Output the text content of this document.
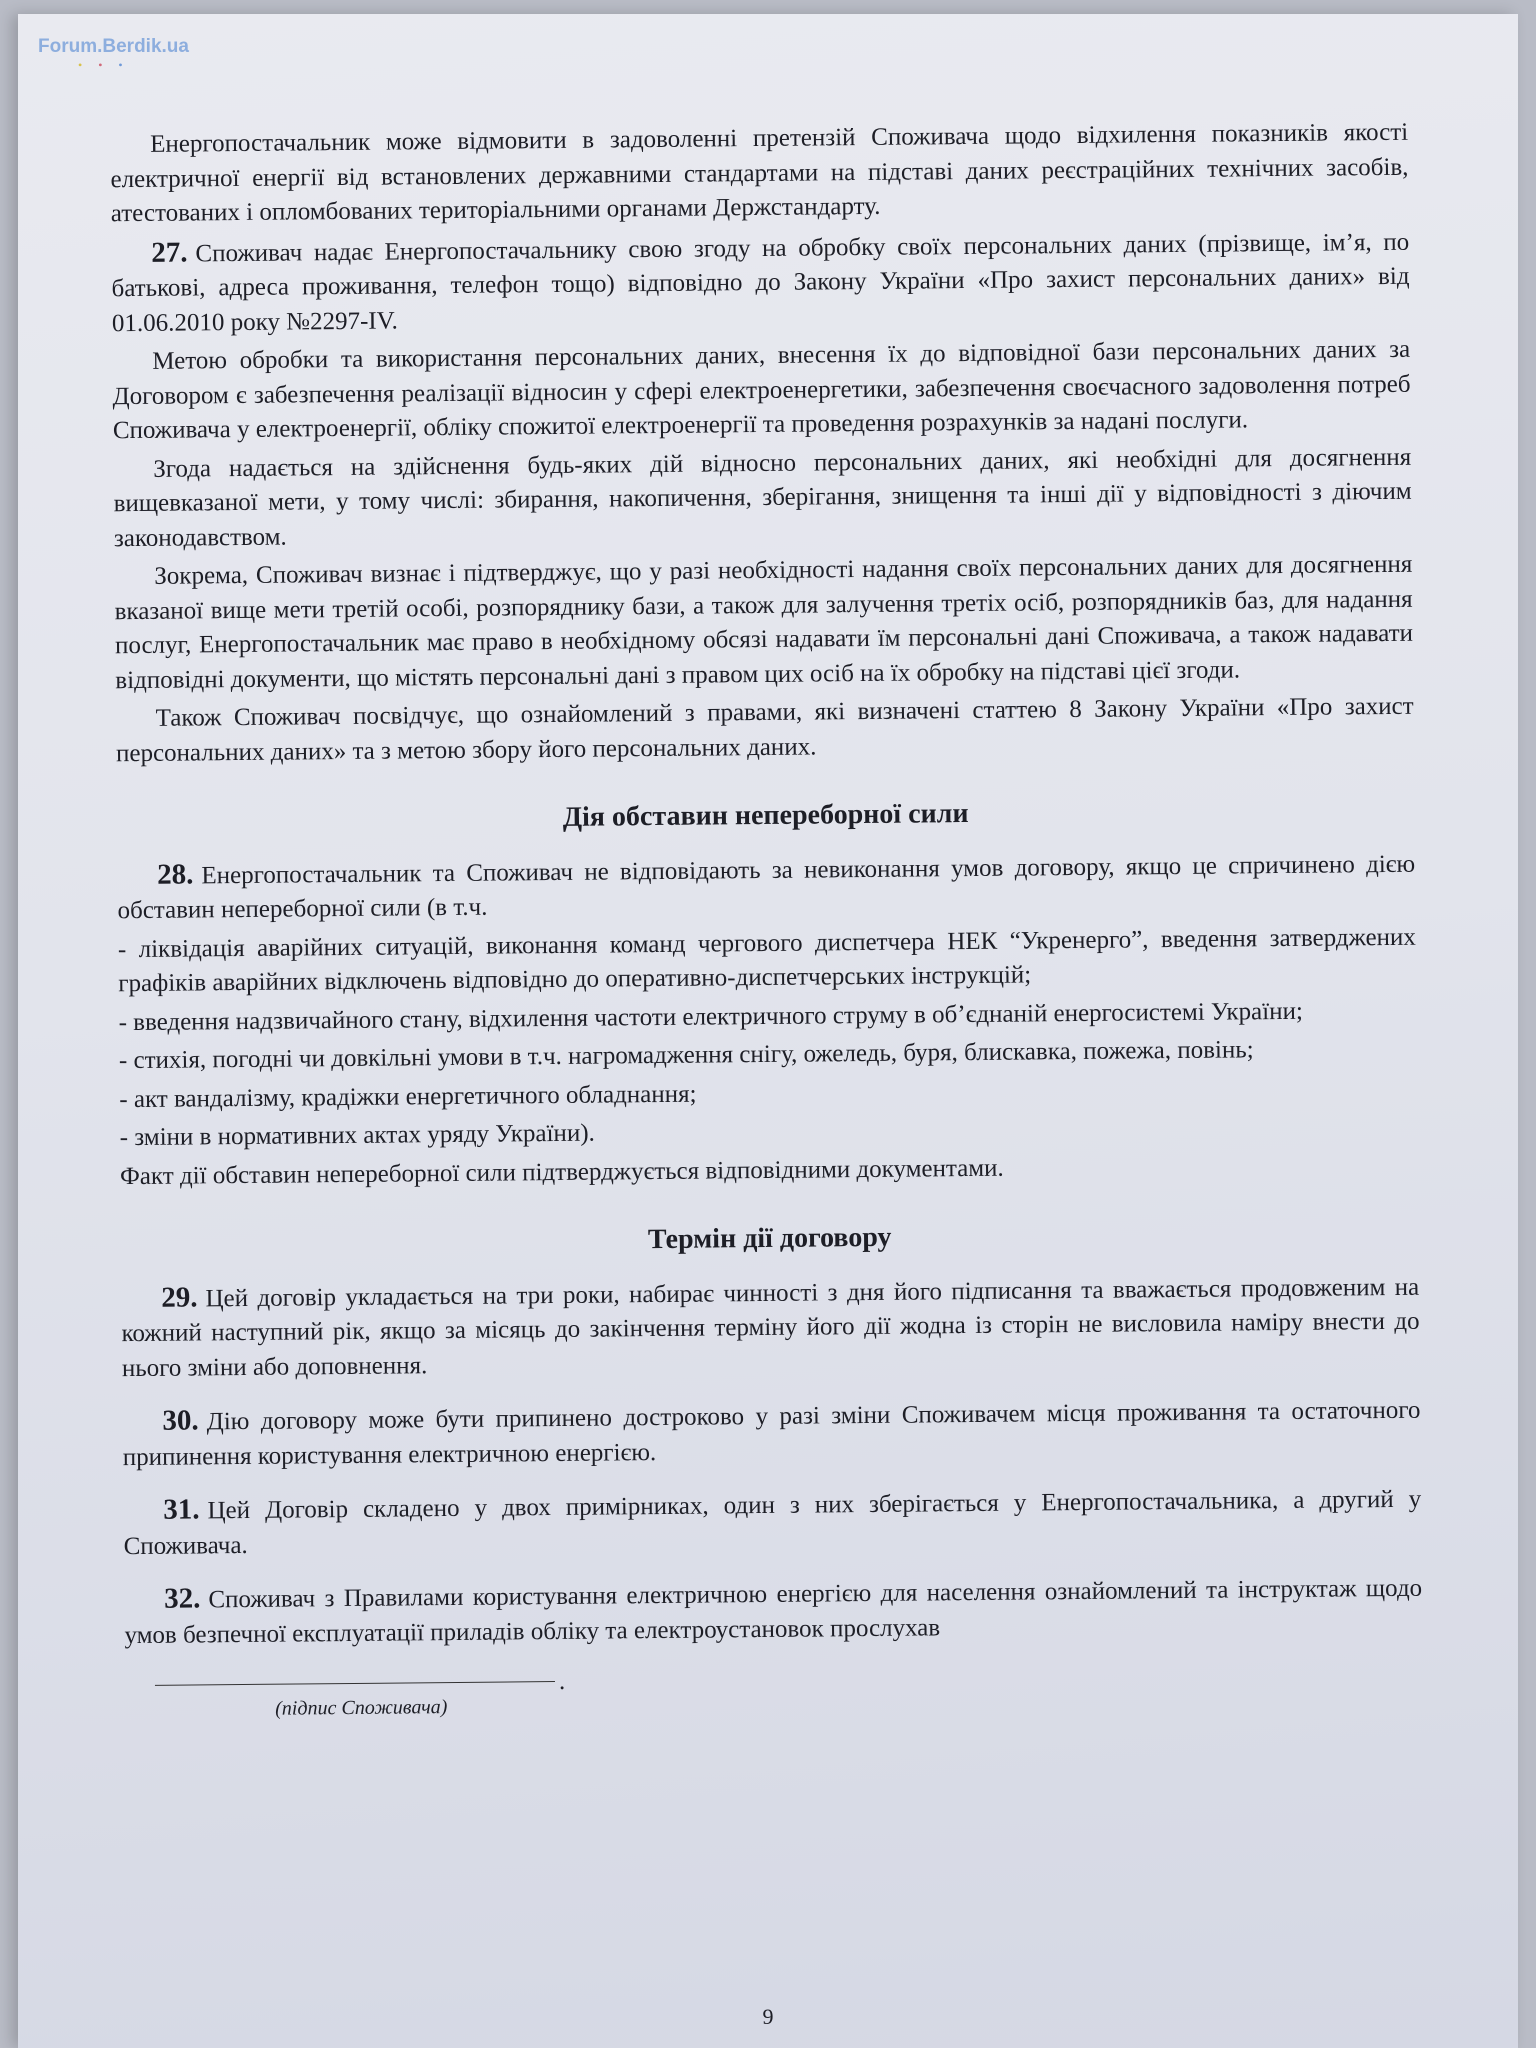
Forum.Berdik.ua
•••

Енергопостачальник може відмовити в задоволенні претензій Споживача щодо відхилення показників якості електричної енергії від встановлених державними стандартами на підставі даних реєстраційних технічних засобів, атестованих і опломбованих територіальними органами Держстандарту.

27. Споживач надає Енергопостачальнику свою згоду на обробку своїх персональних даних (прізвище, ім’я, по батькові, адреса проживання, телефон тощо) відповідно до Закону України «Про захист персональних даних» від 01.06.2010 року №2297-IV.

Метою обробки та використання персональних даних, внесення їх до відповідної бази персональних даних за Договором є забезпечення реалізації відносин у сфері електроенергетики, забезпечення своєчасного задоволення потреб Споживача у електроенергії, обліку спожитої електроенергії та проведення розрахунків за надані послуги.

Згода надається на здійснення будь-яких дій відносно персональних даних, які необхідні для досягнення вищевказаної мети, у тому числі: збирання, накопичення, зберігання, знищення та інші дії у відповідності з діючим законодавством.

Зокрема, Споживач визнає і підтверджує, що у разі необхідності надання своїх персональних даних для досягнення вказаної вище мети третій особі, розпоряднику бази, а також для залучення третіх осіб, розпорядників баз, для надання послуг, Енергопостачальник має право в необхідному обсязі надавати їм персональні дані Споживача, а також надавати відповідні документи, що містять персональні дані з правом цих осіб на їх обробку на підставі цієї згоди.

Також Споживач посвідчує, що ознайомлений з правами, які визначені статтею 8 Закону України «Про захист персональних даних» та з метою збору його персональних даних.

Дія обставин непереборної сили

28. Енергопостачальник та Споживач не відповідають за невиконання умов договору, якщо це спричинено дією обставин непереборної сили (в т.ч.

- ліквідація аварійних ситуацій, виконання команд чергового диспетчера НЕК “Укренерго”, введення затверджених графіків аварійних відключень відповідно до оперативно-диспетчерських інструкцій;

- введення надзвичайного стану, відхилення частоти електричного струму в об’єднаній енергосистемі України;

- стихія, погодні чи довкільні умови в т.ч. нагромадження снігу, ожеледь, буря, блискавка, пожежа, повінь;

- акт вандалізму, крадіжки енергетичного обладнання;

- зміни в нормативних актах уряду України).

Факт дії обставин непереборної сили підтверджується відповідними документами.

Термін дії договору

29. Цей договір укладається на три роки, набирає чинності з дня його підписання та вважається продовженим на кожний наступний рік, якщо за місяць до закінчення терміну його дії жодна із сторін не висловила наміру внести до нього зміни або доповнення.

30. Дію договору може бути припинено достроково у разі зміни Споживачем місця проживання та остаточного припинення користування електричною енергією.

31. Цей Договір складено у двох примірниках, один з них зберігається у Енергопостачальника, а другий у Споживача.

32. Споживач з Правилами користування електричною енергією для населення ознайомлений та інструктаж щодо умов безпечної експлуатації приладів обліку та електроустановок прослухав

.
(підпис Споживача)
9
